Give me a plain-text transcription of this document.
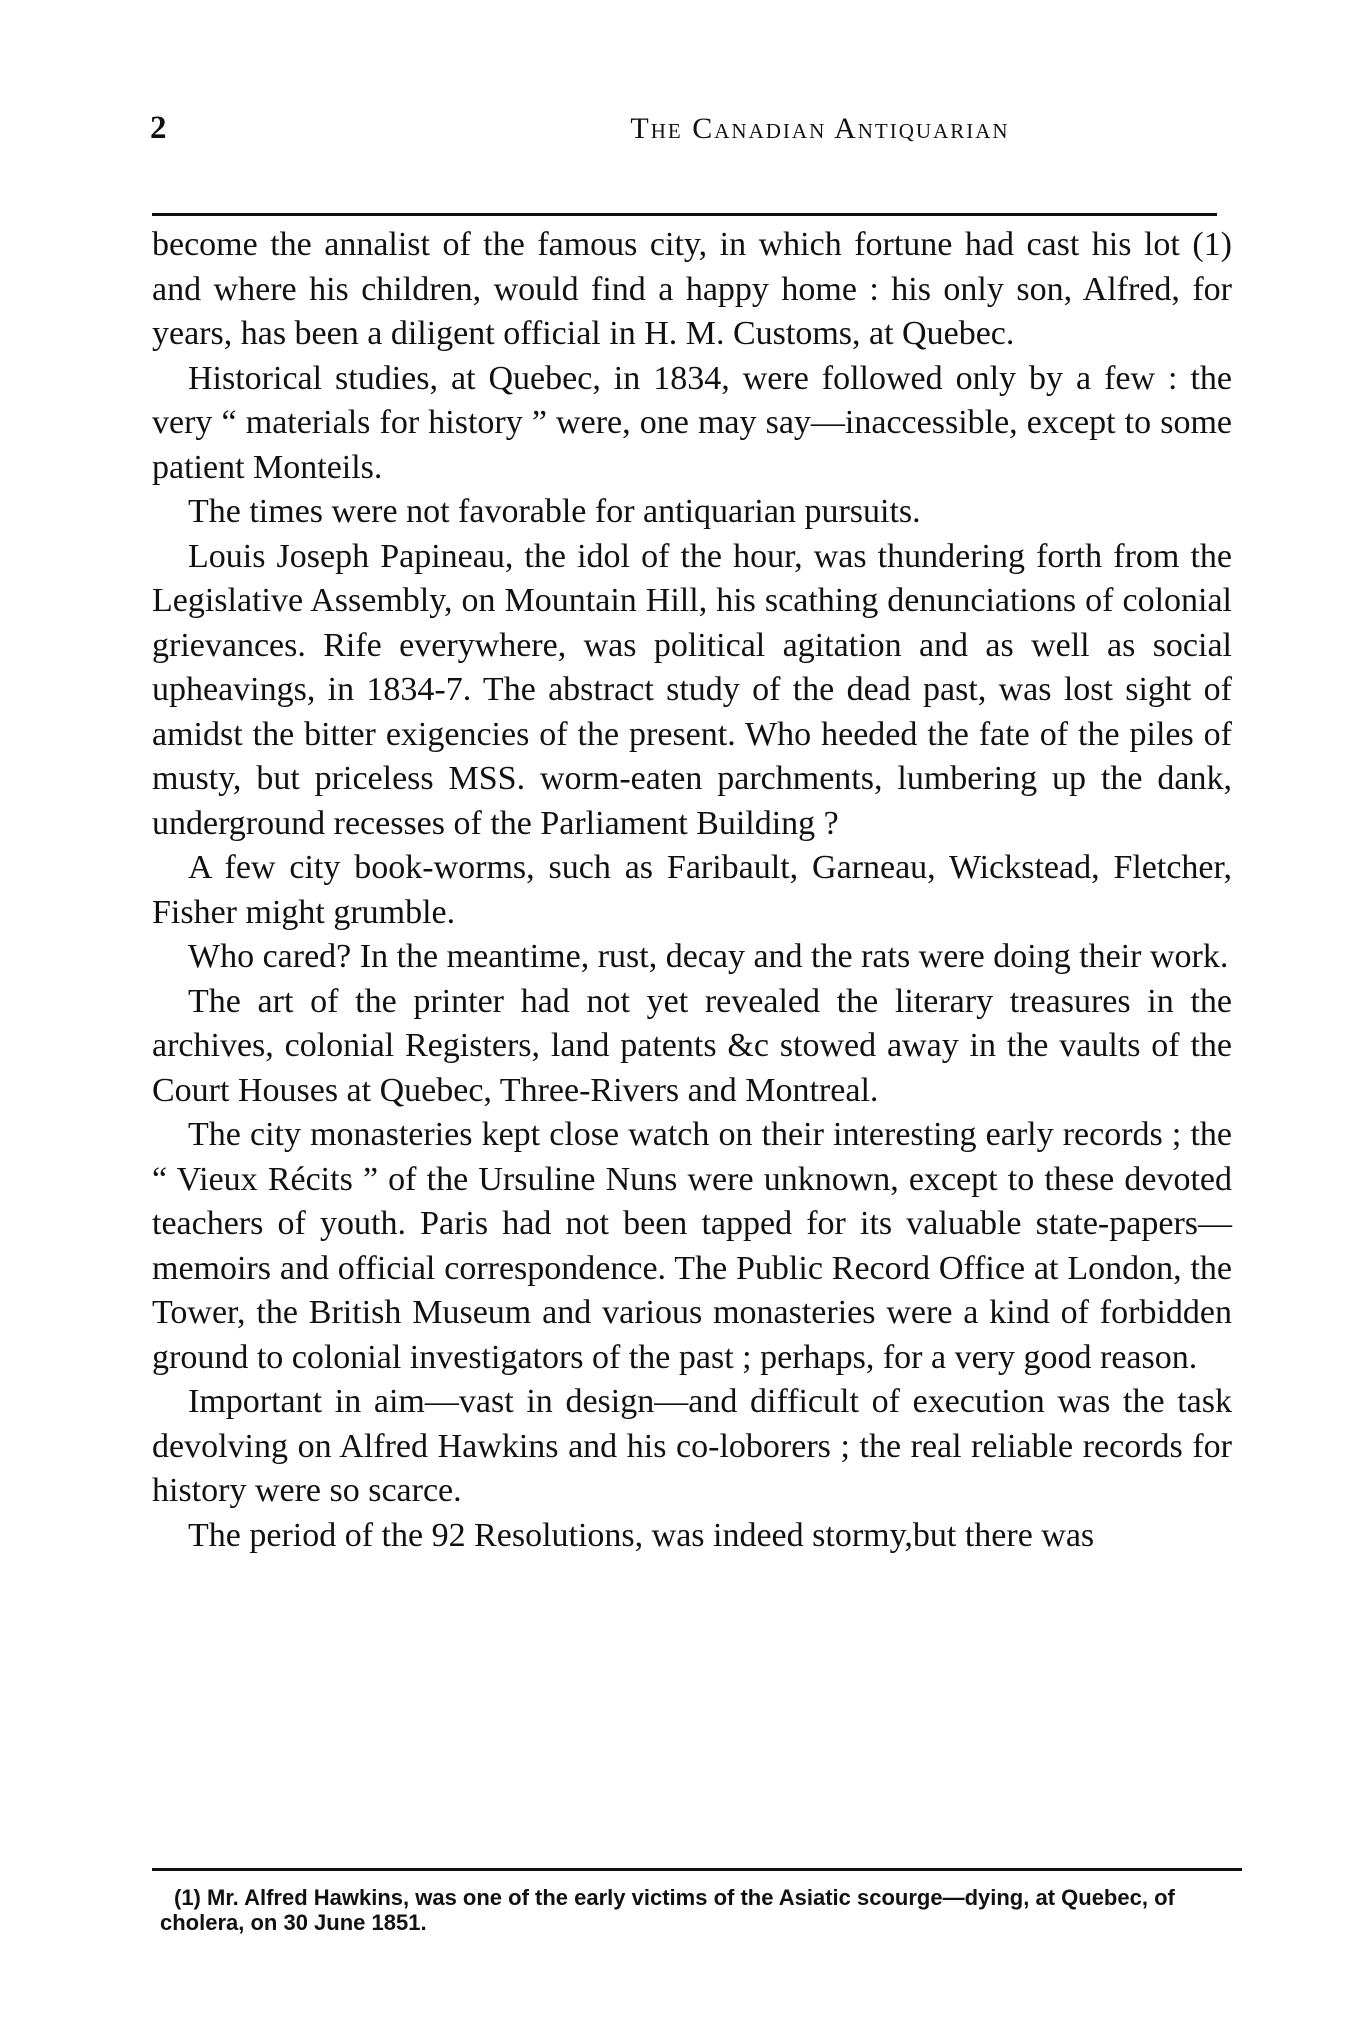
2	The Canadian Antiquarian

become the annalist of the famous city, in which fortune had cast his lot (1) and where his children, would find a happy home : his only son, Alfred, for years, has been a diligent official in H. M. Customs, at Quebec.

Historical studies, at Quebec, in 1834, were followed only by a few : the very “ materials for history ” were, one may say—inaccessible, except to some patient Monteils.

The times were not favorable for antiquarian pursuits.

Louis Joseph Papineau, the idol of the hour, was thundering forth from the Legislative Assembly, on Mountain Hill, his scathing denunciations of colonial grievances. Rife everywhere, was political agitation and as well as social upheavings, in 1834-7. The abstract study of the dead past, was lost sight of amidst the bitter exigencies of the present. Who heeded the fate of the piles of musty, but priceless MSS. worm-eaten parchments, lumbering up the dank, underground recesses of the Parliament Building ?

A few city book-worms, such as Faribault, Garneau, Wickstead, Fletcher, Fisher might grumble.

Who cared? In the meantime, rust, decay and the rats were doing their work.

The art of the printer had not yet revealed the literary treasures in the archives, colonial Registers, land patents &c stowed away in the vaults of the Court Houses at Quebec, Three-Rivers and Montreal.

The city monasteries kept close watch on their interesting early records ; the “ Vieux Récits ” of the Ursuline Nuns were unknown, except to these devoted teachers of youth. Paris had not been tapped for its valuable state-papers—memoirs and official correspondence. The Public Record Office at London, the Tower, the British Museum and various monasteries were a kind of forbidden ground to colonial investigators of the past ; perhaps, for a very good reason.

Important in aim—vast in design—and difficult of execution was the task devolving on Alfred Hawkins and his co-loborers ; the real reliable records for history were so scarce.

The period of the 92 Resolutions, was indeed stormy,but there was

(1) Mr. Alfred Hawkins, was one of the early victims of the Asiatic scourge—dying, at Quebec, of cholera, on 30 June 1851.
